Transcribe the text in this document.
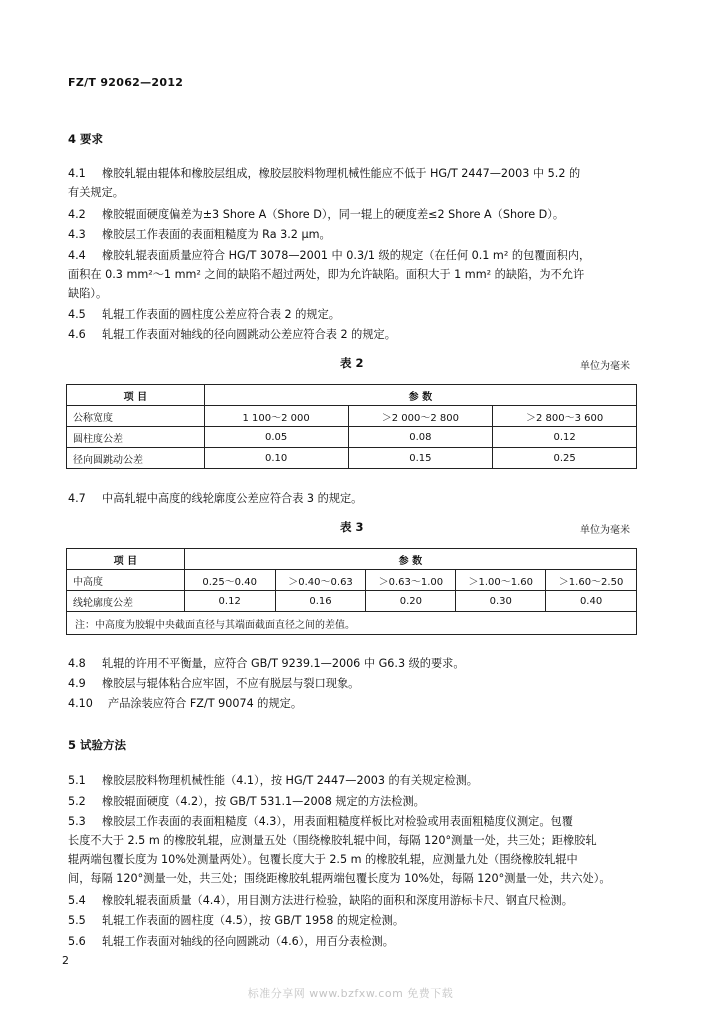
FZ/T 92062—2012
4 要求
4.1 橡胶轧辊由辊体和橡胶层组成，橡胶层胶料物理机械性能应不低于 HG/T 2447—2003 中 5.2 的
有关规定。
4.2 橡胶辊面硬度偏差为±3 Shore A（Shore D），同一辊上的硬度差≤2 Shore A（Shore D）。
4.3 橡胶层工作表面的表面粗糙度为 Ra 3.2 μm。
4.4 橡胶轧辊表面质量应符合 HG/T 3078—2001 中 0.3/1 级的规定（在任何 0.1 m² 的包覆面积内，
面积在 0.3 mm²～1 mm² 之间的缺陷不超过两处，即为允许缺陷。面积大于 1 mm² 的缺陷，为不允许
缺陷）。
4.5 轧辊工作表面的圆柱度公差应符合表 2 的规定。
4.6 轧辊工作表面对轴线的径向圆跳动公差应符合表 2 的规定。
表 2	单位为毫米
项 目	参 数		
公称宽度	1 100～2 000	＞2 000～2 800	＞2 800～3 600
圆柱度公差	0.05	0.08	0.12
径向圆跳动公差	0.10	0.15	0.25
4.7 中高轧辊中高度的线轮廓度公差应符合表 3 的规定。
表 3	单位为毫米
项 目	参 数				
中高度	0.25～0.40	＞0.40～0.63	＞0.63～1.00	＞1.00～1.60	＞1.60～2.50
线轮廓度公差	0.12	0.16	0.20	0.30	0.40
注：中高度为胶辊中央截面直径与其端面截面直径之间的差值。					
4.8 轧辊的许用不平衡量，应符合 GB/T 9239.1—2006 中 G6.3 级的要求。
4.9 橡胶层与辊体粘合应牢固，不应有脱层与裂口现象。
4.10 产品涂装应符合 FZ/T 90074 的规定。
5 试验方法
5.1 橡胶层胶料物理机械性能（4.1），按 HG/T 2447—2003 的有关规定检测。
5.2 橡胶辊面硬度（4.2），按 GB/T 531.1—2008 规定的方法检测。
5.3 橡胶层工作表面的表面粗糙度（4.3），用表面粗糙度样板比对检验或用表面粗糙度仪测定。包覆
长度不大于 2.5 m 的橡胶轧辊，应测量五处（围绕橡胶轧辊中间，每隔 120°测量一处，共三处；距橡胶轧
辊两端包覆长度为 10%处测量两处）。包覆长度大于 2.5 m 的橡胶轧辊，应测量九处（围绕橡胶轧辊中
间，每隔 120°测量一处，共三处；围绕距橡胶轧辊两端包覆长度为 10%处，每隔 120°测量一处，共六处）。
5.4 橡胶轧辊表面质量（4.4），用目测方法进行检验，缺陷的面积和深度用游标卡尺、钢直尺检测。
5.5 轧辊工作表面的圆柱度（4.5），按 GB/T 1958 的规定检测。
5.6 轧辊工作表面对轴线的径向圆跳动（4.6），用百分表检测。
2
标准分享网 www.bzfxw.com 免费下载
